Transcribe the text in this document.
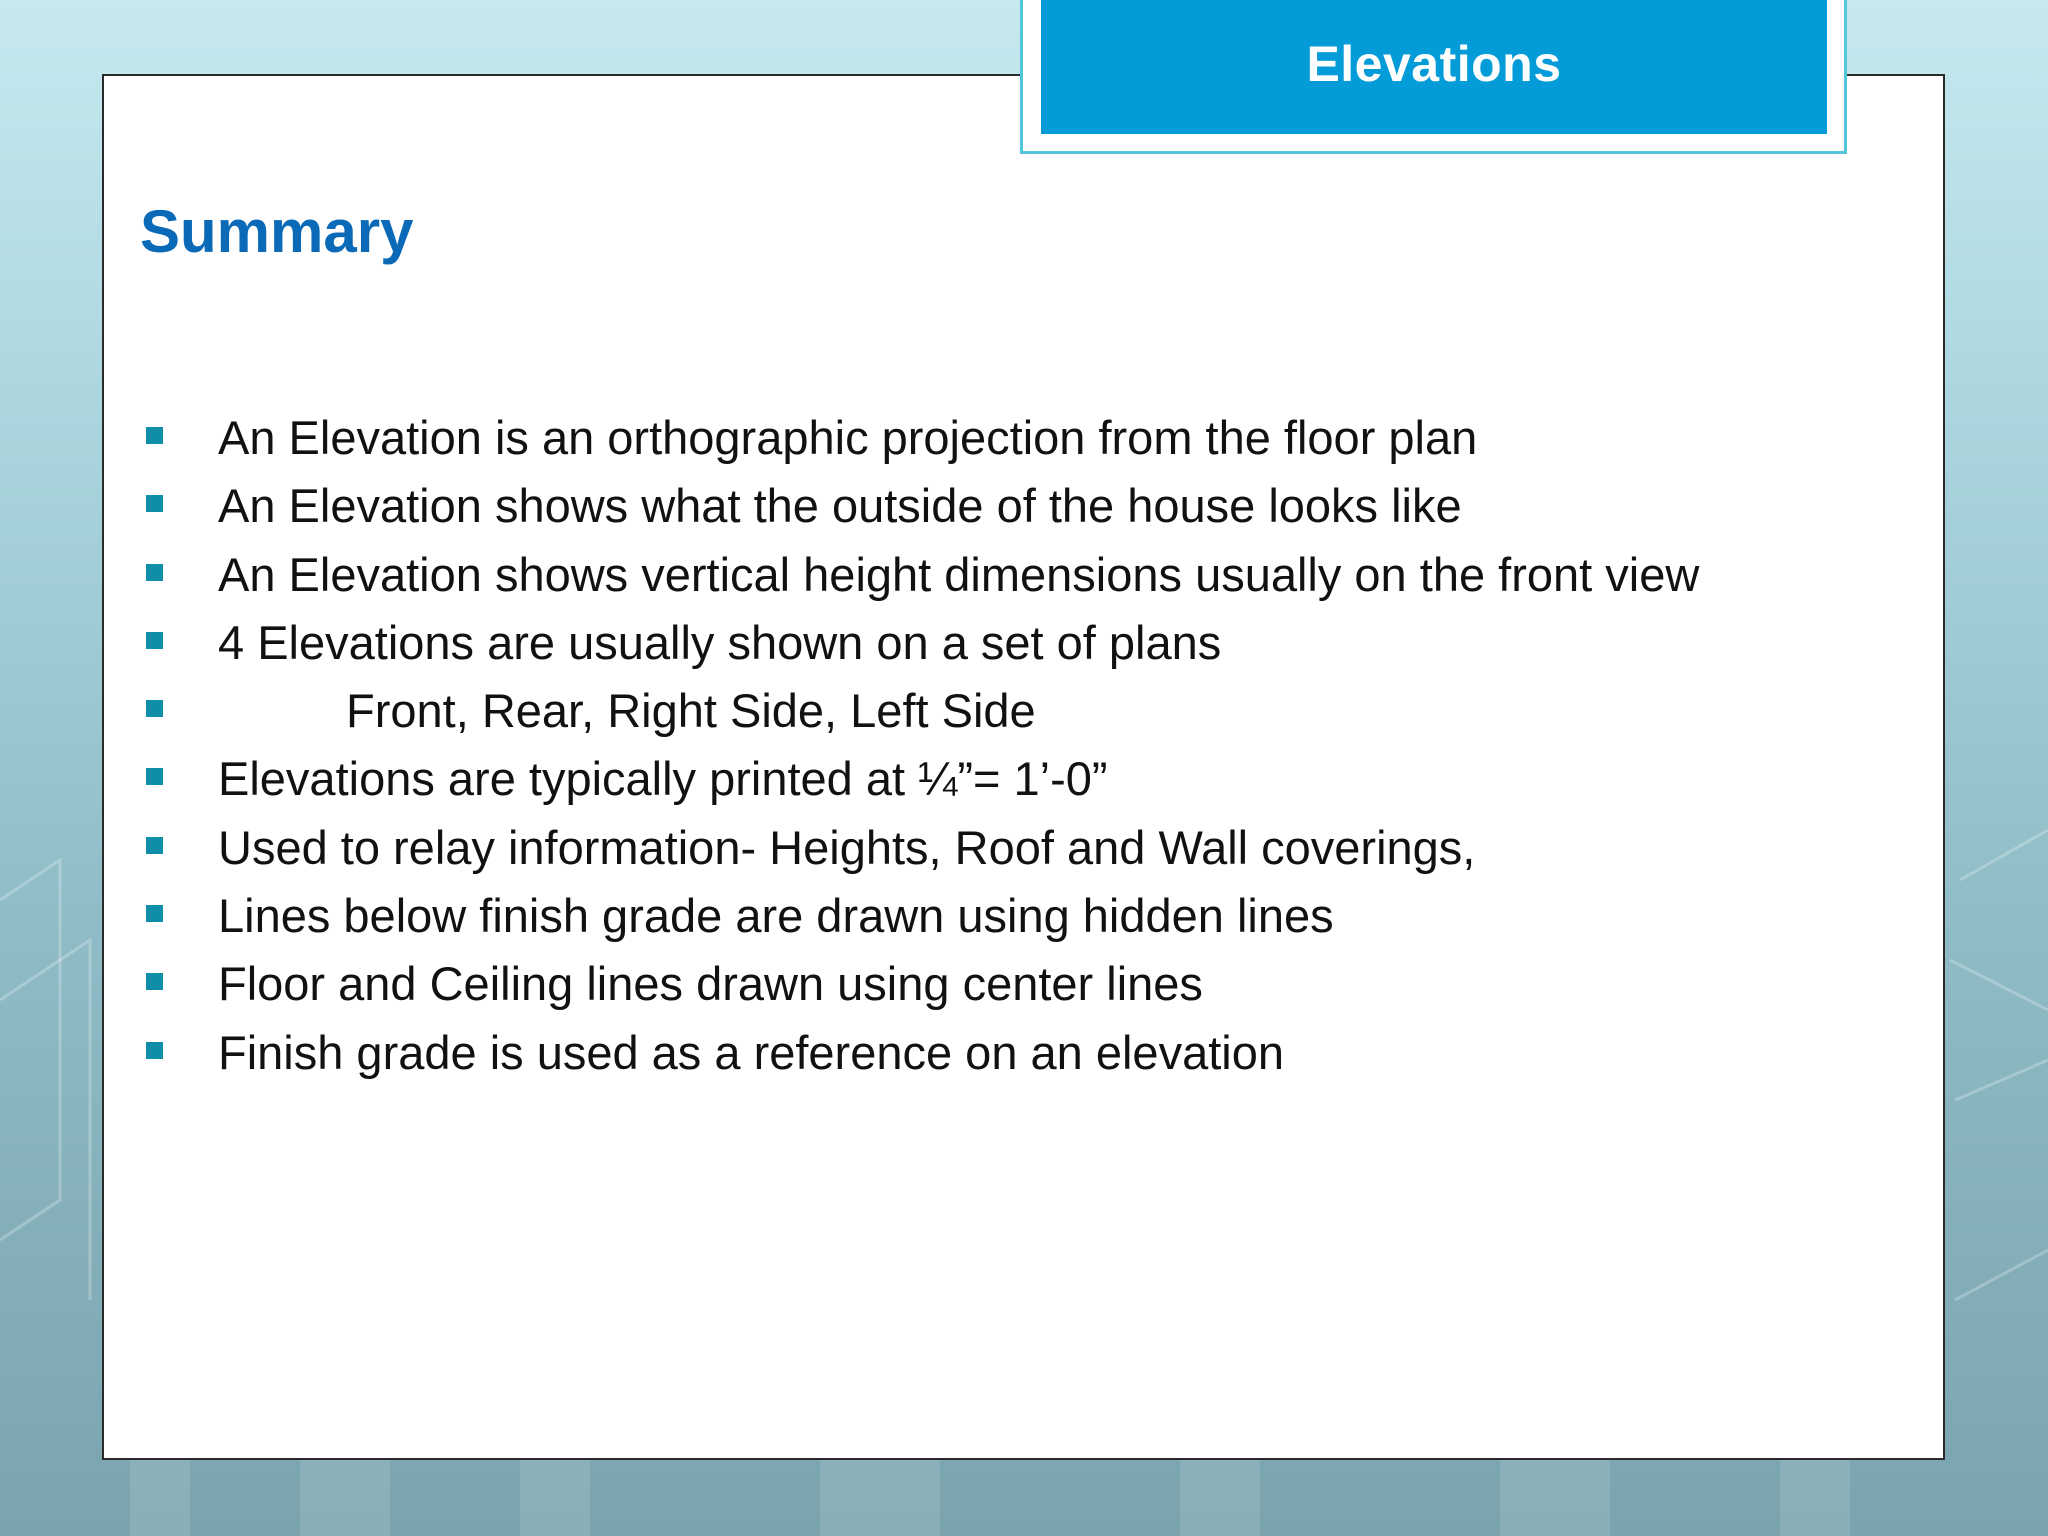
Elevations
Summary
An Elevation is an orthographic projection from the floor plan
An Elevation shows what the outside of the house looks like
An Elevation shows vertical height dimensions usually on the front view
4 Elevations are usually shown on a set of plans
Front, Rear, Right Side, Left Side
Elevations are typically printed at ¼”= 1’-0”
Used to relay information- Heights, Roof and Wall coverings,
Lines below finish grade are drawn using hidden lines
Floor and Ceiling lines drawn using center lines
Finish grade is used as a reference on an elevation
